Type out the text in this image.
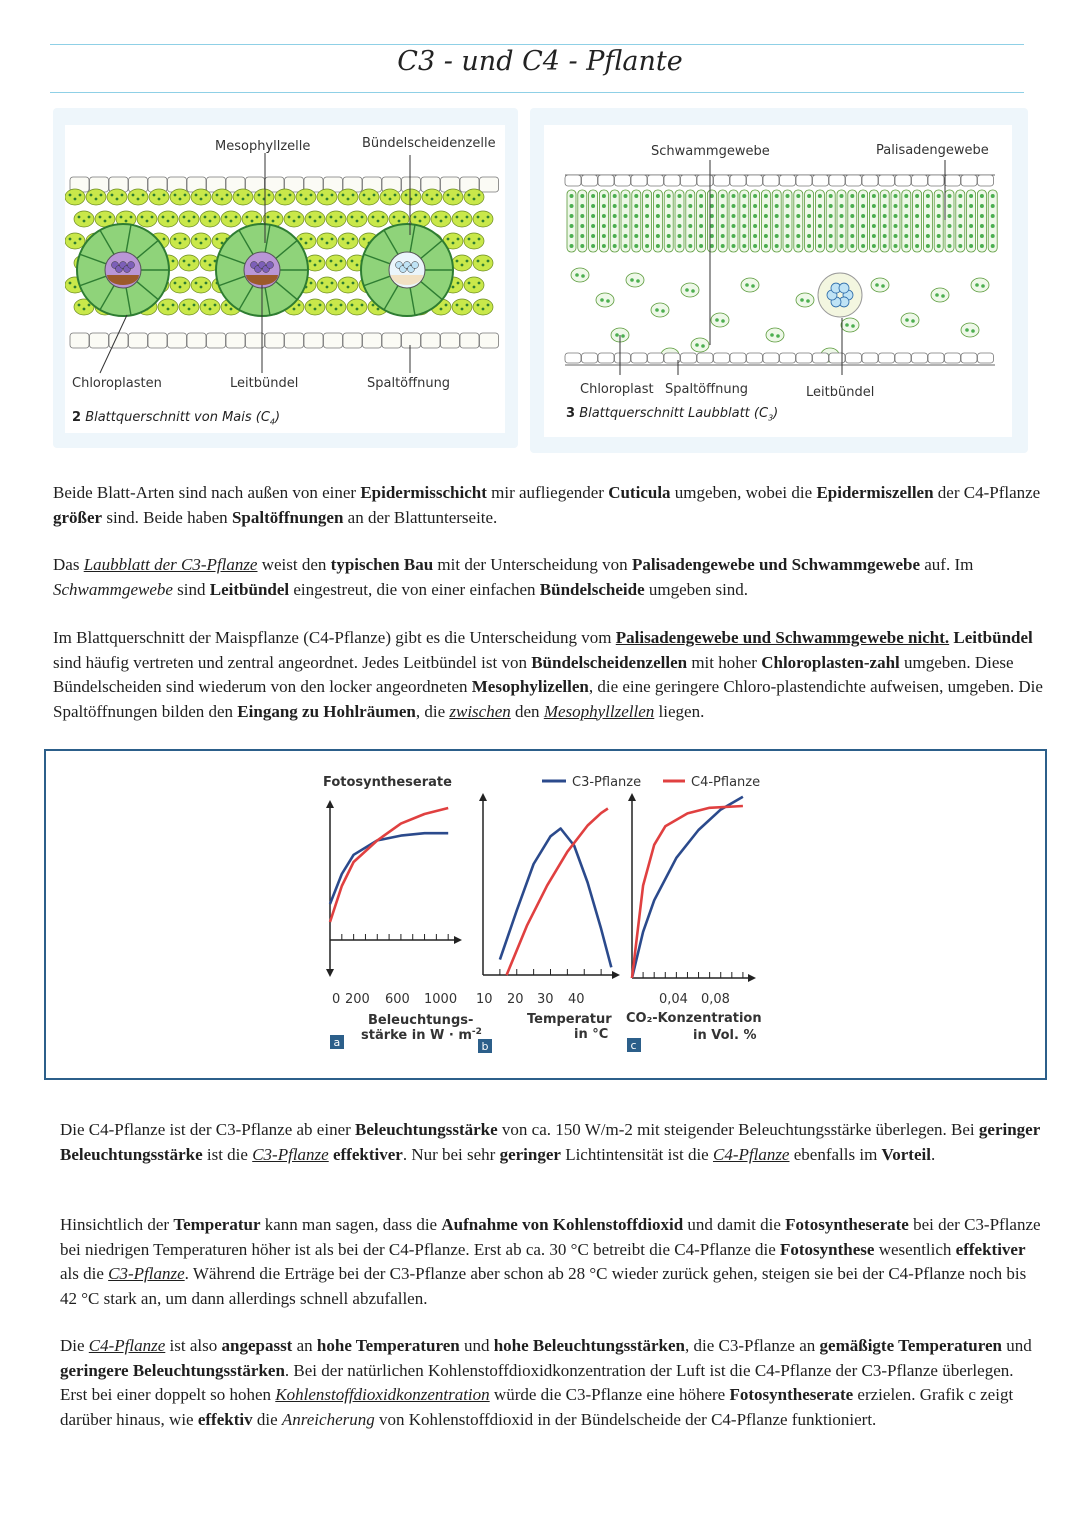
C3 - und C4 - Pflante
Mesophyllzelle	Bündelscheidenzelle
Chloroplasten	Leitbündel	Spaltöffnung
2 Blattquerschnitt von Mais $(C_4)$
Schwammgewebe	Palisadengewebe
Chloroplast Spaltöffnung	Leitbündel
3 Blattquerschnitt Laubblatt $(C_3)$
Beide Blatt-Arten sind nach außen von einer Epidermisschicht mir aufliegender Cuticula umgeben, wobei die Epidermiszellen der C4-Pflanze größer sind. Beide haben Spaltöffnungen an der Blattunterseite.
Das Laubblatt der C3-Pflanze weist den typischen Bau mit der Unterscheidung von Palisadengewebe und Schwammgewebe auf. Im Schwammgewebe sind Leitbündel eingestreut, die von einer einfachen Bündelscheide umgeben sind.
Im Blattquerschnitt der Maispflanze (C4-Pflanze) gibt es die Unterscheidung vom Palisadengewebe und Schwammgewebe nicht. Leitbündel sind häufig vertreten und zentral angeordnet. Jedes Leitbündel ist von Bündelscheidenzellen mit hoher Chloroplasten-zahl umgeben. Diese Bündelscheiden sind wiederum von den locker angeordneten Mesophylizellen, die eine geringere Chloro-plastendichte aufweisen, umgeben. Die Spaltöffnungen bilden den Eingang zu Hohlräumen, die zwischen den Mesophyllzellen liegen.
Fotosyntheserate	C3-Pflanze	C4-Pflanze
0 200 600 1000 10 20 30 40	0,04 0,08
Beleuchtungs-
stärke in $W \cdot m^{-2}$
Temperatur
in °C
CO₂-Konzentration
in Vol. %
a	b	c
Die C4-Pflanze ist der C3-Pflanze ab einer Beleuchtungsstärke von ca. 150 W/m-2 mit steigender Beleuchtungsstärke überlegen. Bei geringer Beleuchtungsstärke ist die C3-Pflanze effektiver. Nur bei sehr geringer Lichtintensität ist die C4-Pflanze ebenfalls im Vorteil.
Hinsichtlich der Temperatur kann man sagen, dass die Aufnahme von Kohlenstoffdioxid und damit die Fotosyntheserate bei der C3-Pflanze bei niedrigen Temperaturen höher ist als bei der C4-Pflanze. Erst ab ca. 30 °C betreibt die C4-Pflanze die Fotosynthese wesentlich effektiver als die C3-Pflanze. Während die Erträge bei der C3-Pflanze aber schon ab 28 °C wieder zurück gehen, steigen sie bei der C4-Pflanze noch bis 42 °C stark an, um dann allerdings schnell abzufallen.
Die C4-Pflanze ist also angepasst an hohe Temperaturen und hohe Beleuchtungsstärken, die C3-Pflanze an gemäßigte Temperaturen und geringere Beleuchtungsstärken. Bei der natürlichen Kohlenstoffdioxidkonzentration der Luft ist die C4-Pflanze der C3-Pflanze überlegen. Erst bei einer doppelt so hohen Kohlenstoffdioxidkonzentration würde die C3-Pflanze eine höhere Fotosyntheserate erzielen. Grafik c zeigt darüber hinaus, wie effektiv die Anreicherung von Kohlenstoffdioxid in der Bündelscheide der C4-Pflanze funktioniert.
